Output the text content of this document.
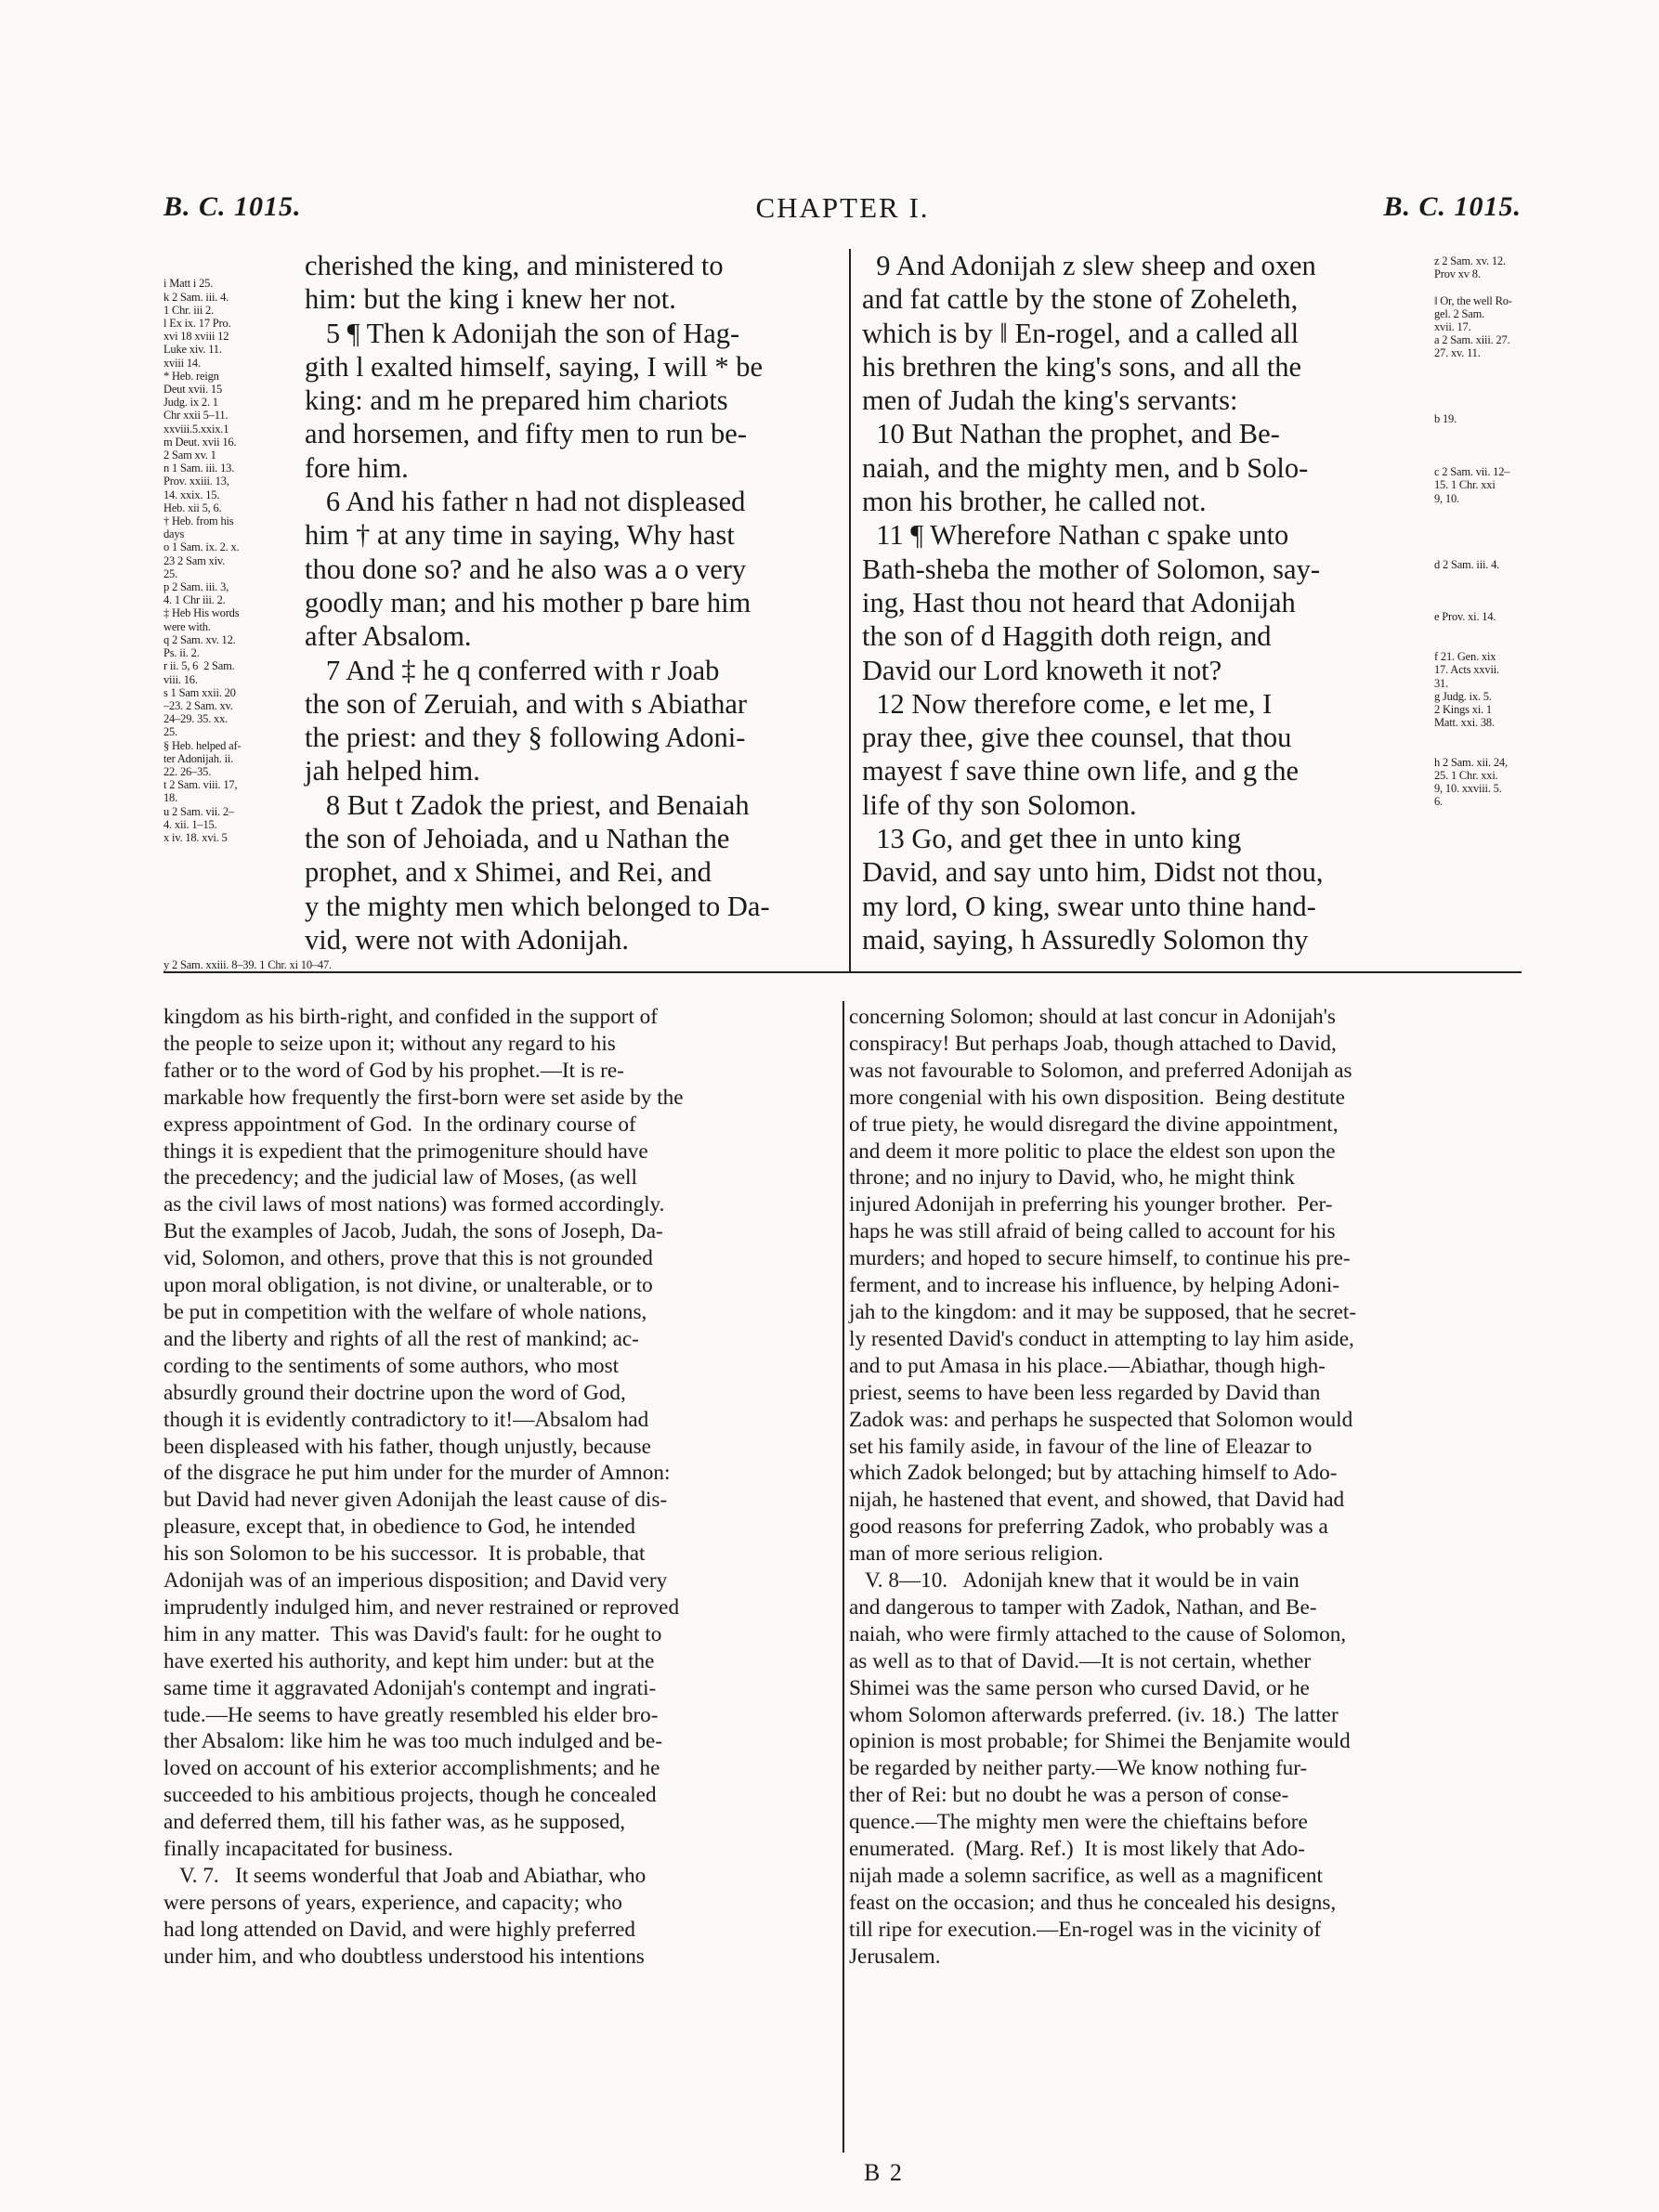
B. C. 1015.	CHAPTER I.	B. C. 1015.

i Matt i 25.
k 2 Sam. iii. 4.
1 Chr. iii 2.
l Ex ix. 17 Pro.
xvi 18 xviii 12
Luke xiv. 11.
xviii 14.
* Heb. reign
Deut xvii. 15
Judg. ix 2. 1
Chr xxii 5–11.
xxviii.5.xxix.1
m Deut. xvii 16.
2 Sam xv. 1
n 1 Sam. iii. 13.
Prov. xxiii. 13,
14. xxix. 15.
Heb. xii 5, 6.
† Heb. from his
days
o 1 Sam. ix. 2. x.
23 2 Sam xiv.
25.
p 2 Sam. iii. 3,
4. 1 Chr iii. 2.
‡ Heb His words
were with.
q 2 Sam. xv. 12.
Ps. ii. 2.
r ii. 5, 6  2 Sam.
viii. 16.
s 1 Sam xxii. 20
–23. 2 Sam. xv.
24–29. 35. xx.
25.
§ Heb. helped af-
ter Adonijah. ii.
22. 26–35.
t 2 Sam. viii. 17,
18.
u 2 Sam. vii. 2–
4. xii. 1–15.
x iv. 18. xvi. 5

y 2 Sam. xxiii. 8–39. 1 Chr. xi 10–47.

cherished the king, and ministered to
him: but the king i knew her not.
5 ¶ Then k Adonijah the son of Hag-
gith l exalted himself, saying, I will * be
king: and m he prepared him chariots
and horsemen, and fifty men to run be-
fore him.
6 And his father n had not displeased
him † at any time in saying, Why hast
thou done so? and he also was a o very
goodly man; and his mother p bare him
after Absalom.
7 And ‡ he q conferred with r Joab
the son of Zeruiah, and with s Abiathar
the priest: and they § following Adoni-
jah helped him.
8 But t Zadok the priest, and Benaiah
the son of Jehoiada, and u Nathan the
prophet, and x Shimei, and Rei, and
y the mighty men which belonged to Da-
vid, were not with Adonijah.
9 And Adonijah z slew sheep and oxen
and fat cattle by the stone of Zoheleth,
which is by ‖ En-rogel, and a called all
his brethren the king's sons, and all the
men of Judah the king's servants:
10 But Nathan the prophet, and Be-
naiah, and the mighty men, and b Solo-
mon his brother, he called not.
11 ¶ Wherefore Nathan c spake unto
Bath-sheba the mother of Solomon, say-
ing, Hast thou not heard that Adonijah
the son of d Haggith doth reign, and
David our Lord knoweth it not?
12 Now therefore come, e let me, I
pray thee, give thee counsel, that thou
mayest f save thine own life, and g the
life of thy son Solomon.
13 Go, and get thee in unto king
David, and say unto him, Didst not thou,
my lord, O king, swear unto thine hand-
maid, saying, h Assuredly Solomon thy
z 2 Sam. xv. 12.
Prov xv 8.

‖ Or, the well Ro-
gel. 2 Sam.
xvii. 17.
a 2 Sam. xiii. 27.
27. xv. 11.

b 19.

c 2 Sam. vii. 12–
15. 1 Chr. xxi
9, 10.

d 2 Sam. iii. 4.

e Prov. xi. 14.

f 21. Gen. xix
17. Acts xxvii.
31.
g Judg. ix. 5.
2 Kings xi. 1
Matt. xxi. 38.

h 2 Sam. xii. 24,
25. 1 Chr. xxi.
9, 10. xxviii. 5.
6.
kingdom as his birth-right, and confided in the support of
the people to seize upon it; without any regard to his
father or to the word of God by his prophet.—It is re-
markable how frequently the first-born were set aside by the
express appointment of God.  In the ordinary course of
things it is expedient that the primogeniture should have
the precedency; and the judicial law of Moses, (as well
as the civil laws of most nations) was formed accordingly.
But the examples of Jacob, Judah, the sons of Joseph, Da-
vid, Solomon, and others, prove that this is not grounded
upon moral obligation, is not divine, or unalterable, or to
be put in competition with the welfare of whole nations,
and the liberty and rights of all the rest of mankind; ac-
cording to the sentiments of some authors, who most
absurdly ground their doctrine upon the word of God,
though it is evidently contradictory to it!—Absalom had
been displeased with his father, though unjustly, because
of the disgrace he put him under for the murder of Amnon:
but David had never given Adonijah the least cause of dis-
pleasure, except that, in obedience to God, he intended
his son Solomon to be his successor.  It is probable, that
Adonijah was of an imperious disposition; and David very
imprudently indulged him, and never restrained or reproved
him in any matter.  This was David's fault: for he ought to
have exerted his authority, and kept him under: but at the
same time it aggravated Adonijah's contempt and ingrati-
tude.—He seems to have greatly resembled his elder bro-
ther Absalom: like him he was too much indulged and be-
loved on account of his exterior accomplishments; and he
succeeded to his ambitious projects, though he concealed
and deferred them, till his father was, as he supposed,
finally incapacitated for business.
V. 7.   It seems wonderful that Joab and Abiathar, who
were persons of years, experience, and capacity; who
had long attended on David, and were highly preferred
under him, and who doubtless understood his intentions
concerning Solomon; should at last concur in Adonijah's
conspiracy! But perhaps Joab, though attached to David,
was not favourable to Solomon, and preferred Adonijah as
more congenial with his own disposition.  Being destitute
of true piety, he would disregard the divine appointment,
and deem it more politic to place the eldest son upon the
throne; and no injury to David, who, he might think
injured Adonijah in preferring his younger brother.  Per-
haps he was still afraid of being called to account for his
murders; and hoped to secure himself, to continue his pre-
ferment, and to increase his influence, by helping Adoni-
jah to the kingdom: and it may be supposed, that he secret-
ly resented David's conduct in attempting to lay him aside,
and to put Amasa in his place.—Abiathar, though high-
priest, seems to have been less regarded by David than
Zadok was: and perhaps he suspected that Solomon would
set his family aside, in favour of the line of Eleazar to
which Zadok belonged; but by attaching himself to Ado-
nijah, he hastened that event, and showed, that David had
good reasons for preferring Zadok, who probably was a
man of more serious religion.
V. 8—10.   Adonijah knew that it would be in vain
and dangerous to tamper with Zadok, Nathan, and Be-
naiah, who were firmly attached to the cause of Solomon,
as well as to that of David.—It is not certain, whether
Shimei was the same person who cursed David, or he
whom Solomon afterwards preferred. (iv. 18.)  The latter
opinion is most probable; for Shimei the Benjamite would
be regarded by neither party.—We know nothing fur-
ther of Rei: but no doubt he was a person of conse-
quence.—The mighty men were the chieftains before
enumerated.  (Marg. Ref.)  It is most likely that Ado-
nijah made a solemn sacrifice, as well as a magnificent
feast on the occasion; and thus he concealed his designs,
till ripe for execution.—En-rogel was in the vicinity of
Jerusalem.
B 2
